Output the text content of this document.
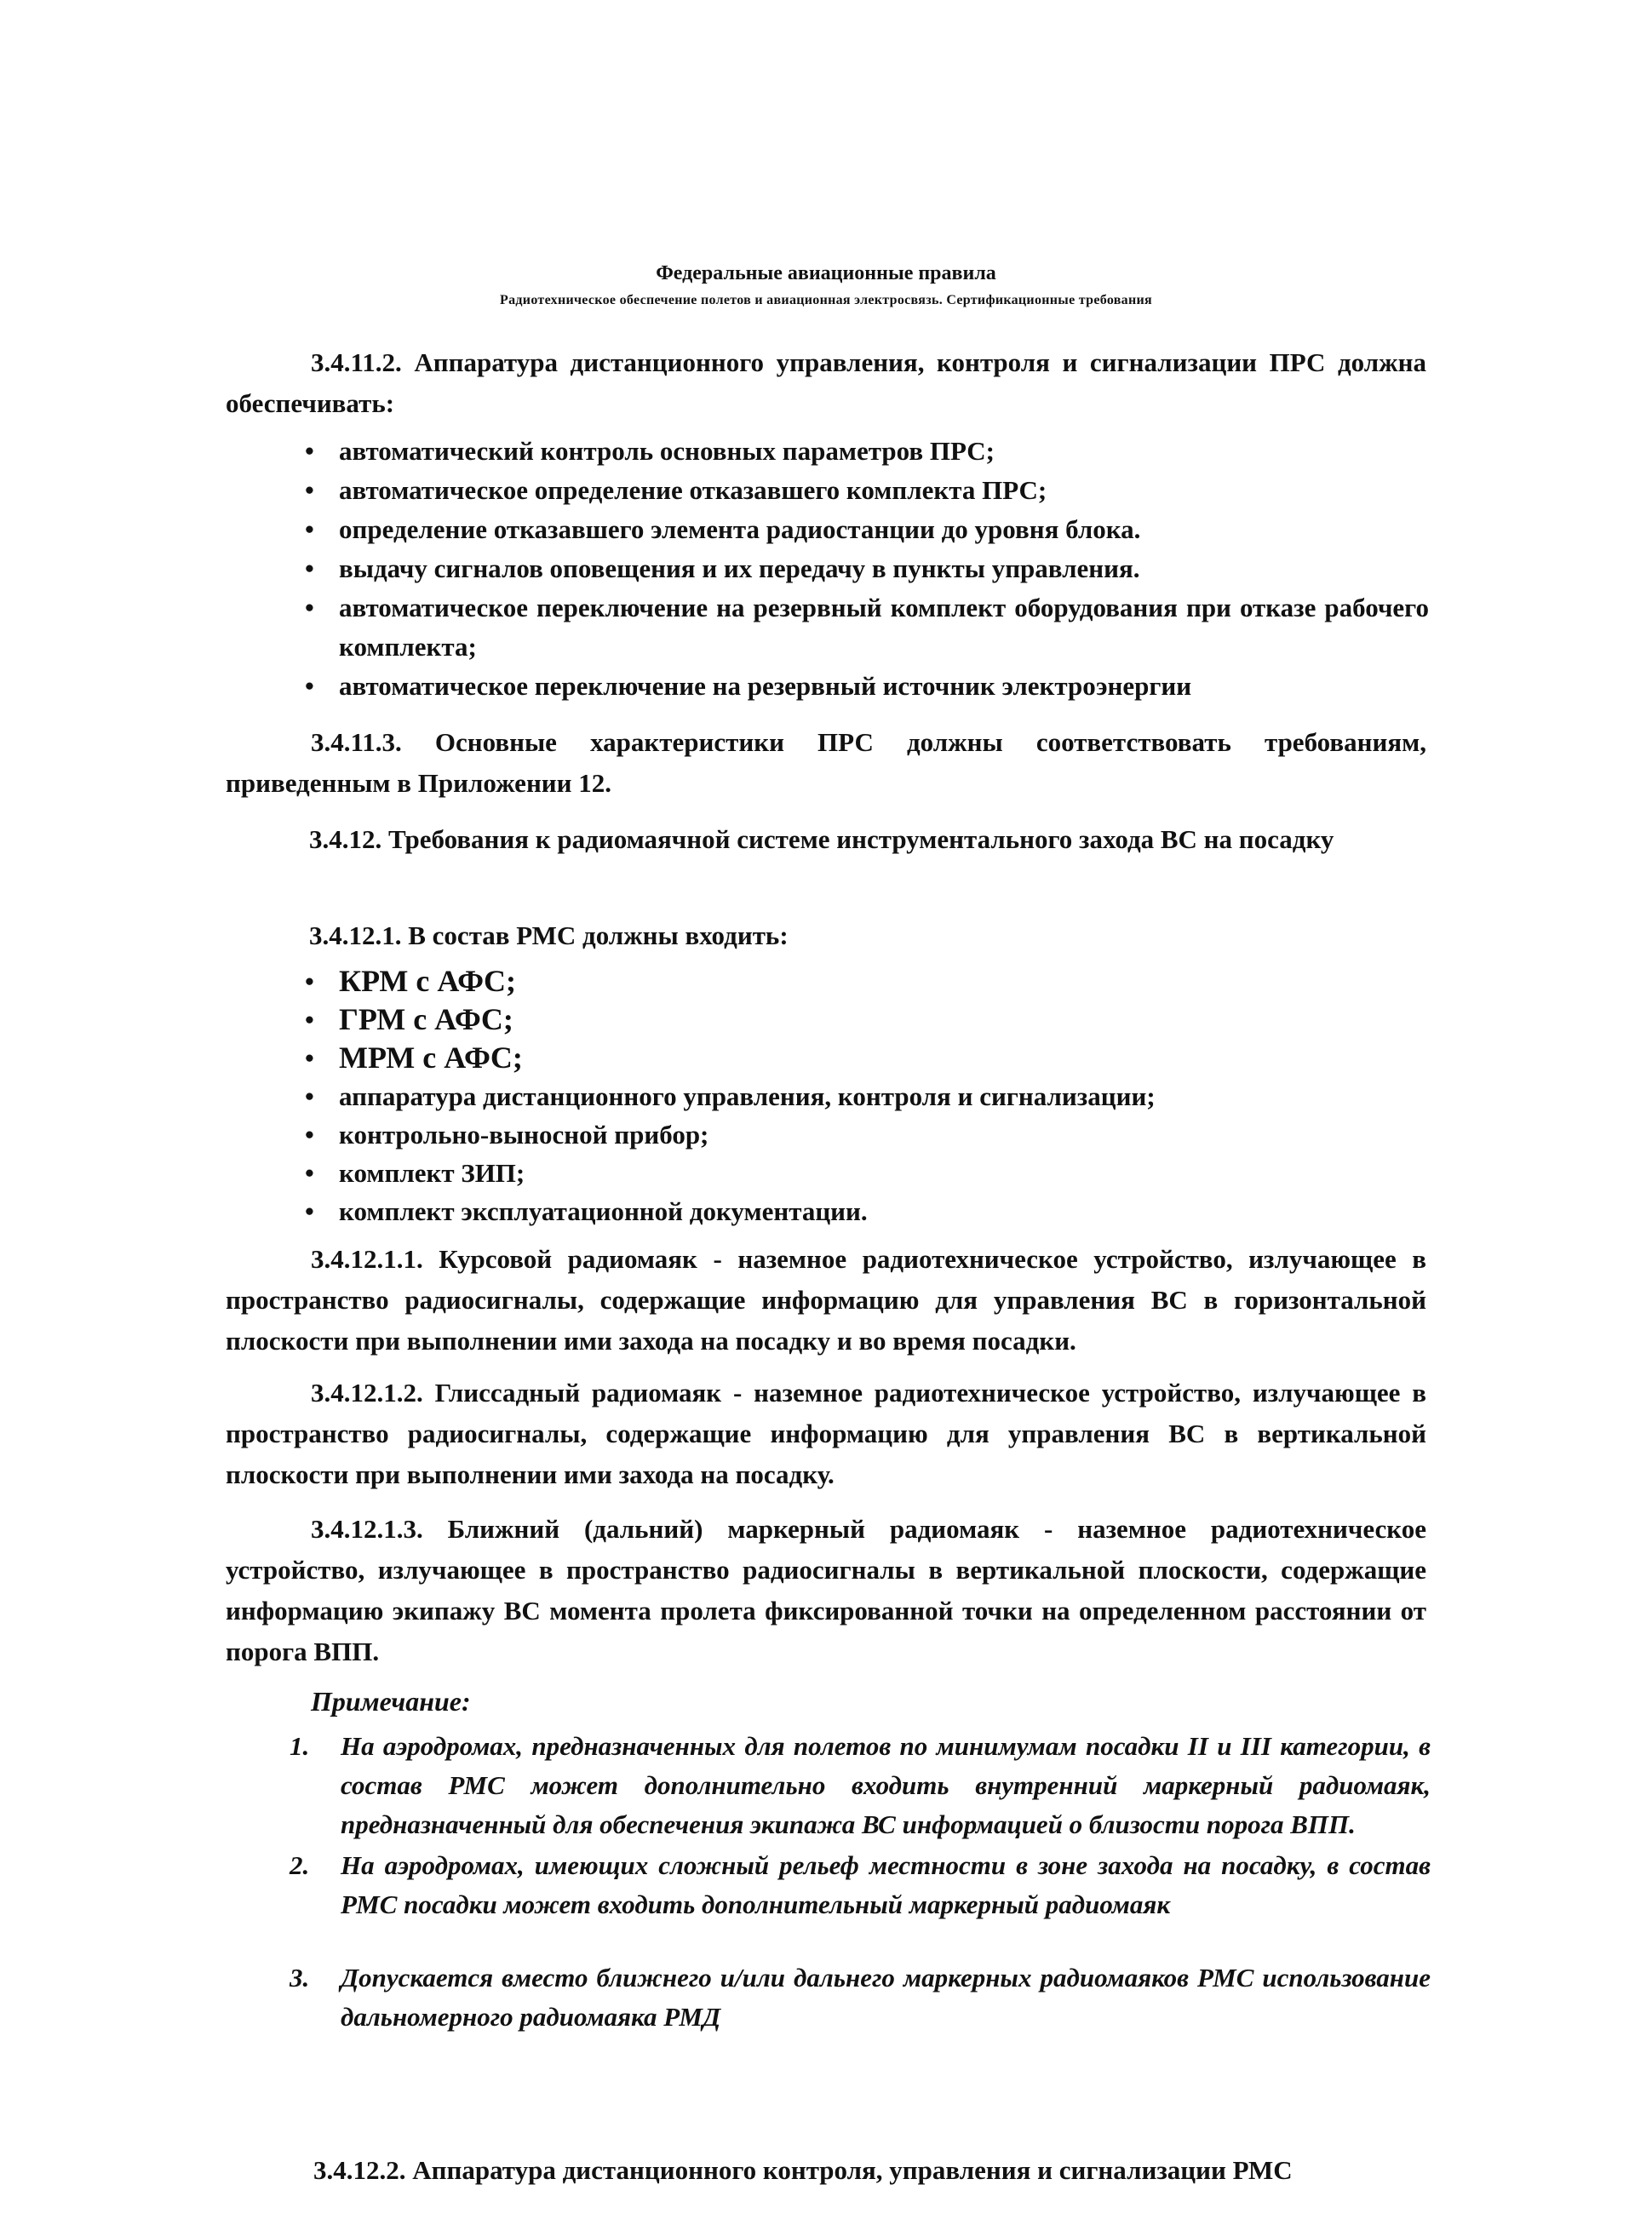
Федеральные авиационные правила
Радиотехническое обеспечение полетов и авиационная электросвязь. Сертификационные требования
3.4.11.2. Аппаратура дистанционного управления, контроля и сигнализации ПРС должна обеспечивать:
• автоматический контроль основных параметров ПРС;
• автоматическое определение отказавшего комплекта ПРС;
• определение отказавшего элемента радиостанции до уровня блока.
• выдачу сигналов оповещения и их передачу в пункты управления.
• автоматическое переключение на резервный комплект оборудования при отказе рабочего комплекта;
• автоматическое переключение на резервный источник электроэнергии
3.4.11.3. Основные характеристики ПРС должны соответствовать требованиям, приведенным в Приложении 12.
3.4.12. Требования к радиомаячной системе инструментального захода ВС на посадку
3.4.12.1. В состав РМС должны входить:
• КРМ с АФС;
• ГРМ с АФС;
• МРМ с АФС;
• аппаратура дистанционного управления, контроля и сигнализации;
• контрольно-выносной прибор;
• комплект ЗИП;
• комплект эксплуатационной документации.
3.4.12.1.1. Курсовой радиомаяк - наземное радиотехническое устройство, излучающее в пространство радиосигналы, содержащие информацию для управления ВС в горизонтальной плоскости при выполнении ими захода на посадку и во время посадки.
3.4.12.1.2. Глиссадный радиомаяк - наземное радиотехническое устройство, излучающее в пространство радиосигналы, содержащие информацию для управления ВС в вертикальной плоскости при выполнении ими захода на посадку.
3.4.12.1.3. Ближний (дальний) маркерный радиомаяк - наземное радиотехническое устройство, излучающее в пространство радиосигналы в вертикальной плоскости, содержащие информацию экипажу ВС момента пролета фиксированной точки на определенном расстоянии от порога ВПП.
Примечание:
1. На аэродромах, предназначенных для полетов по минимумам посадки II и III категории, в состав РМС может дополнительно входить внутренний маркерный радиомаяк, предназначенный для обеспечения экипажа ВС информацией о близости порога ВПП.
2. На аэродромах, имеющих сложный рельеф местности в зоне захода на посадку, в состав РМС посадки может входить дополнительный маркерный радиомаяк
3. Допускается вместо ближнего и/или дальнего маркерных радиомаяков РМС использование дальномерного радиомаяка РМД
3.4.12.2. Аппаратура дистанционного контроля, управления и сигнализации РМС
